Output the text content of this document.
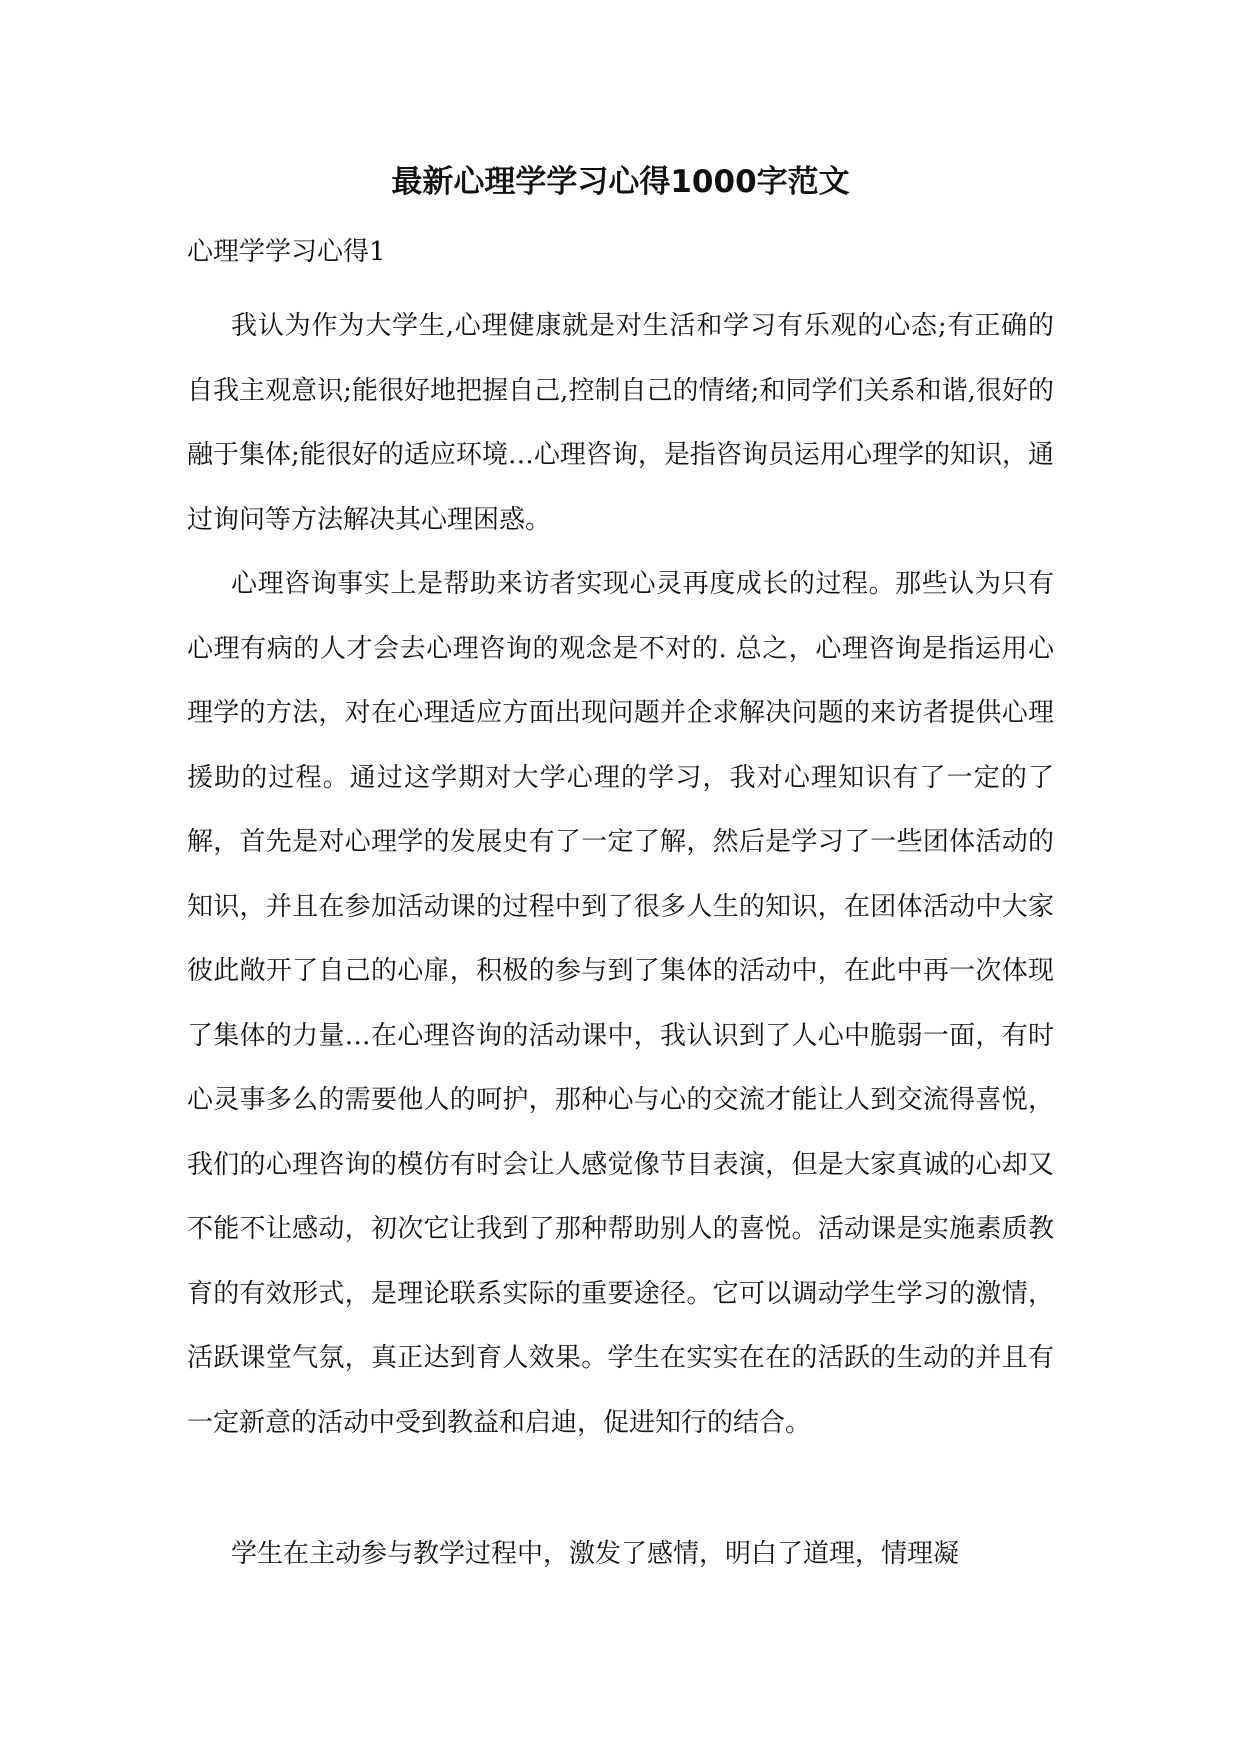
最新心理学学习心得1000字范文
心理学学习心得1

我认为作为大学生,心理健康就是对生活和学习有乐观的心态;有正确的自我主观意识;能很好地把握自己,控制自己的情绪;和同学们关系和谐,很好的融于集体;能很好的适应环境…心理咨询，是指咨询员运用心理学的知识，通过询问等方法解决其心理困惑。

心理咨询事实上是帮助来访者实现心灵再度成长的过程。那些认为只有心理有病的人才会去心理咨询的观念是不对的. 总之，心理咨询是指运用心理学的方法，对在心理适应方面出现问题并企求解决问题的来访者提供心理援助的过程。通过这学期对大学心理的学习，我对心理知识有了一定的了解，首先是对心理学的发展史有了一定了解，然后是学习了一些团体活动的知识，并且在参加活动课的过程中到了很多人生的知识，在团体活动中大家彼此敞开了自己的心扉，积极的参与到了集体的活动中，在此中再一次体现了集体的力量…在心理咨询的活动课中，我认识到了人心中脆弱一面，有时心灵事多么的需要他人的呵护，那种心与心的交流才能让人到交流得喜悦，我们的心理咨询的模仿有时会让人感觉像节目表演，但是大家真诚的心却又不能不让感动，初次它让我到了那种帮助别人的喜悦。活动课是实施素质教育的有效形式，是理论联系实际的重要途径。它可以调动学生学习的激情，活跃课堂气氛，真正达到育人效果。学生在实实在在的活跃的生动的并且有一定新意的活动中受到教益和启迪，促进知行的结合。

学生在主动参与教学过程中，激发了感情，明白了道理，情理凝
